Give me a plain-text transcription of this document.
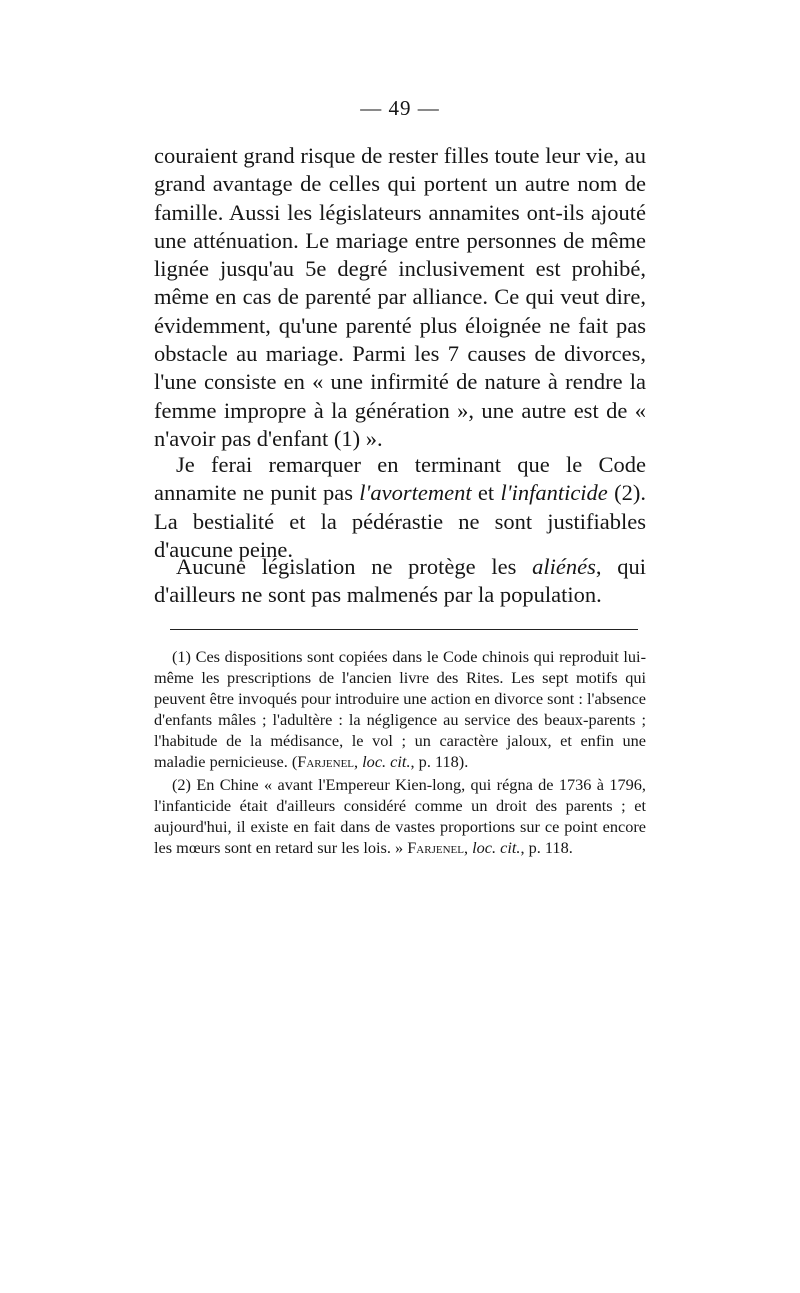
— 49 —

couraient grand risque de rester filles toute leur vie, au grand avantage de celles qui portent un autre nom de famille. Aussi les législateurs annamites ont-ils ajouté une atténuation. Le mariage entre personnes de même lignée jusqu'au 5e degré inclusivement est prohibé, même en cas de parenté par alliance. Ce qui veut dire, évidemment, qu'une parenté plus éloignée ne fait pas obstacle au mariage. Parmi les 7 causes de divorces, l'une consiste en « une infirmité de nature à rendre la femme impropre à la génération », une autre est de « n'avoir pas d'enfant (1) ».

Je ferai remarquer en terminant que le Code annamite ne punit pas l'avortement et l'infanticide (2). La bestialité et la pédérastie ne sont justifiables d'aucune peine.

Aucune législation ne protège les aliénés, qui d'ailleurs ne sont pas malmenés par la population.

(1) Ces dispositions sont copiées dans le Code chinois qui reproduit lui-même les prescriptions de l'ancien livre des Rites. Les sept motifs qui peuvent être invoqués pour introduire une action en divorce sont : l'absence d'enfants mâles ; l'adultère : la négligence au service des beaux-parents ; l'habitude de la médisance, le vol ; un caractère jaloux, et enfin une maladie pernicieuse. (Farjenel, loc. cit., p. 118).

(2) En Chine « avant l'Empereur Kien-long, qui régna de 1736 à 1796, l'infanticide était d'ailleurs considéré comme un droit des parents ; et aujourd'hui, il existe en fait dans de vastes proportions sur ce point encore les mœurs sont en retard sur les lois. » Farjenel, loc. cit., p. 118.
